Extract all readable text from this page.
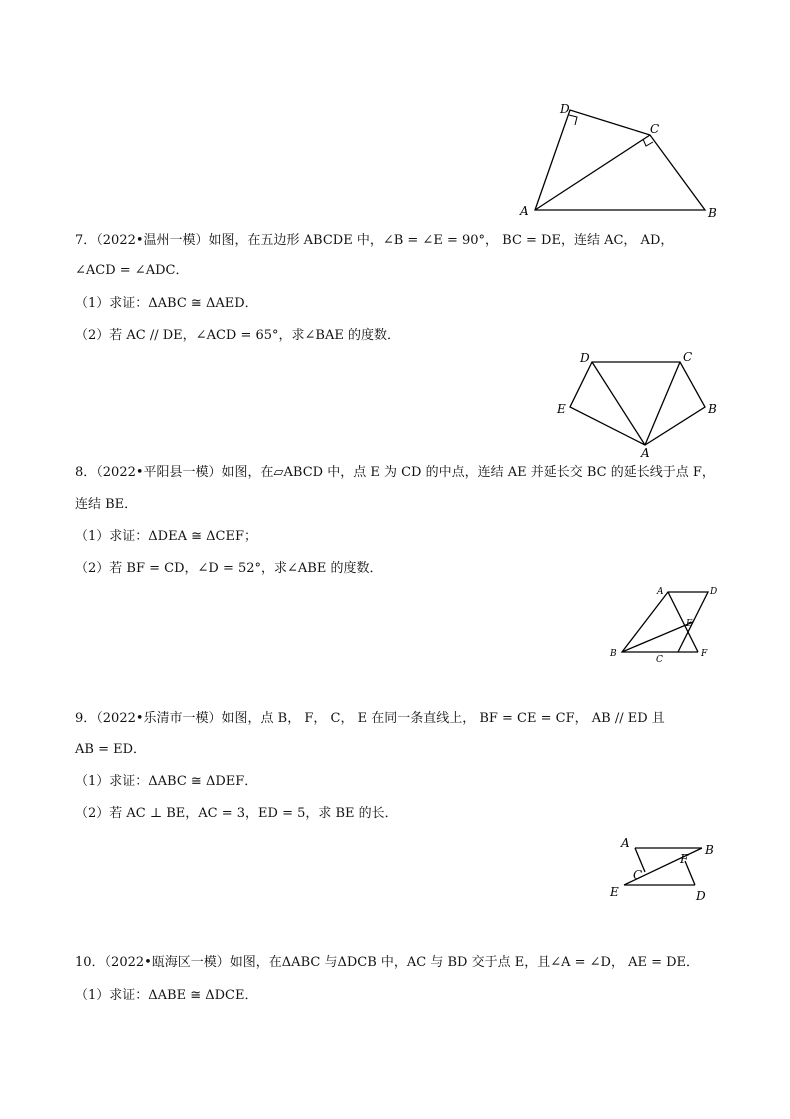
D
C
A	B
7．（2022•温州一模）如图，在五边形 ABCDE 中，∠B = ∠E = 90°， BC = DE，连结 AC， AD，
∠ACD = ∠ADC．
（1）求证：ΔABC ≅ ΔAED．
（2）若 AC // DE，∠ACD = 65°，求∠BAE 的度数．
D	C
E	B
A
8．（2022•平阳县一模）如图，在▱ABCD 中，点 E 为 CD 的中点，连结 AE 并延长交 BC 的延长线于点 F，
连结 BE．
（1）求证：ΔDEA ≅ ΔCEF；
（2）若 BF = CD，∠D = 52°，求∠ABE 的度数．
A	D
E
B
C
F
9．（2022•乐清市一模）如图，点 B， F， C， E 在同一条直线上， BF = CE = CF， AB // ED 且
AB = ED．
（1）求证：ΔABC ≅ ΔDEF．
（2）若 AC ⊥ BE，AC = 3，ED = 5，求 BE 的长．
A	B
F
C
E	D
10．（2022•瓯海区一模）如图，在ΔABC 与ΔDCB 中，AC 与 BD 交于点 E，且∠A = ∠D， AE = DE．
（1）求证：ΔABE ≅ ΔDCE．
